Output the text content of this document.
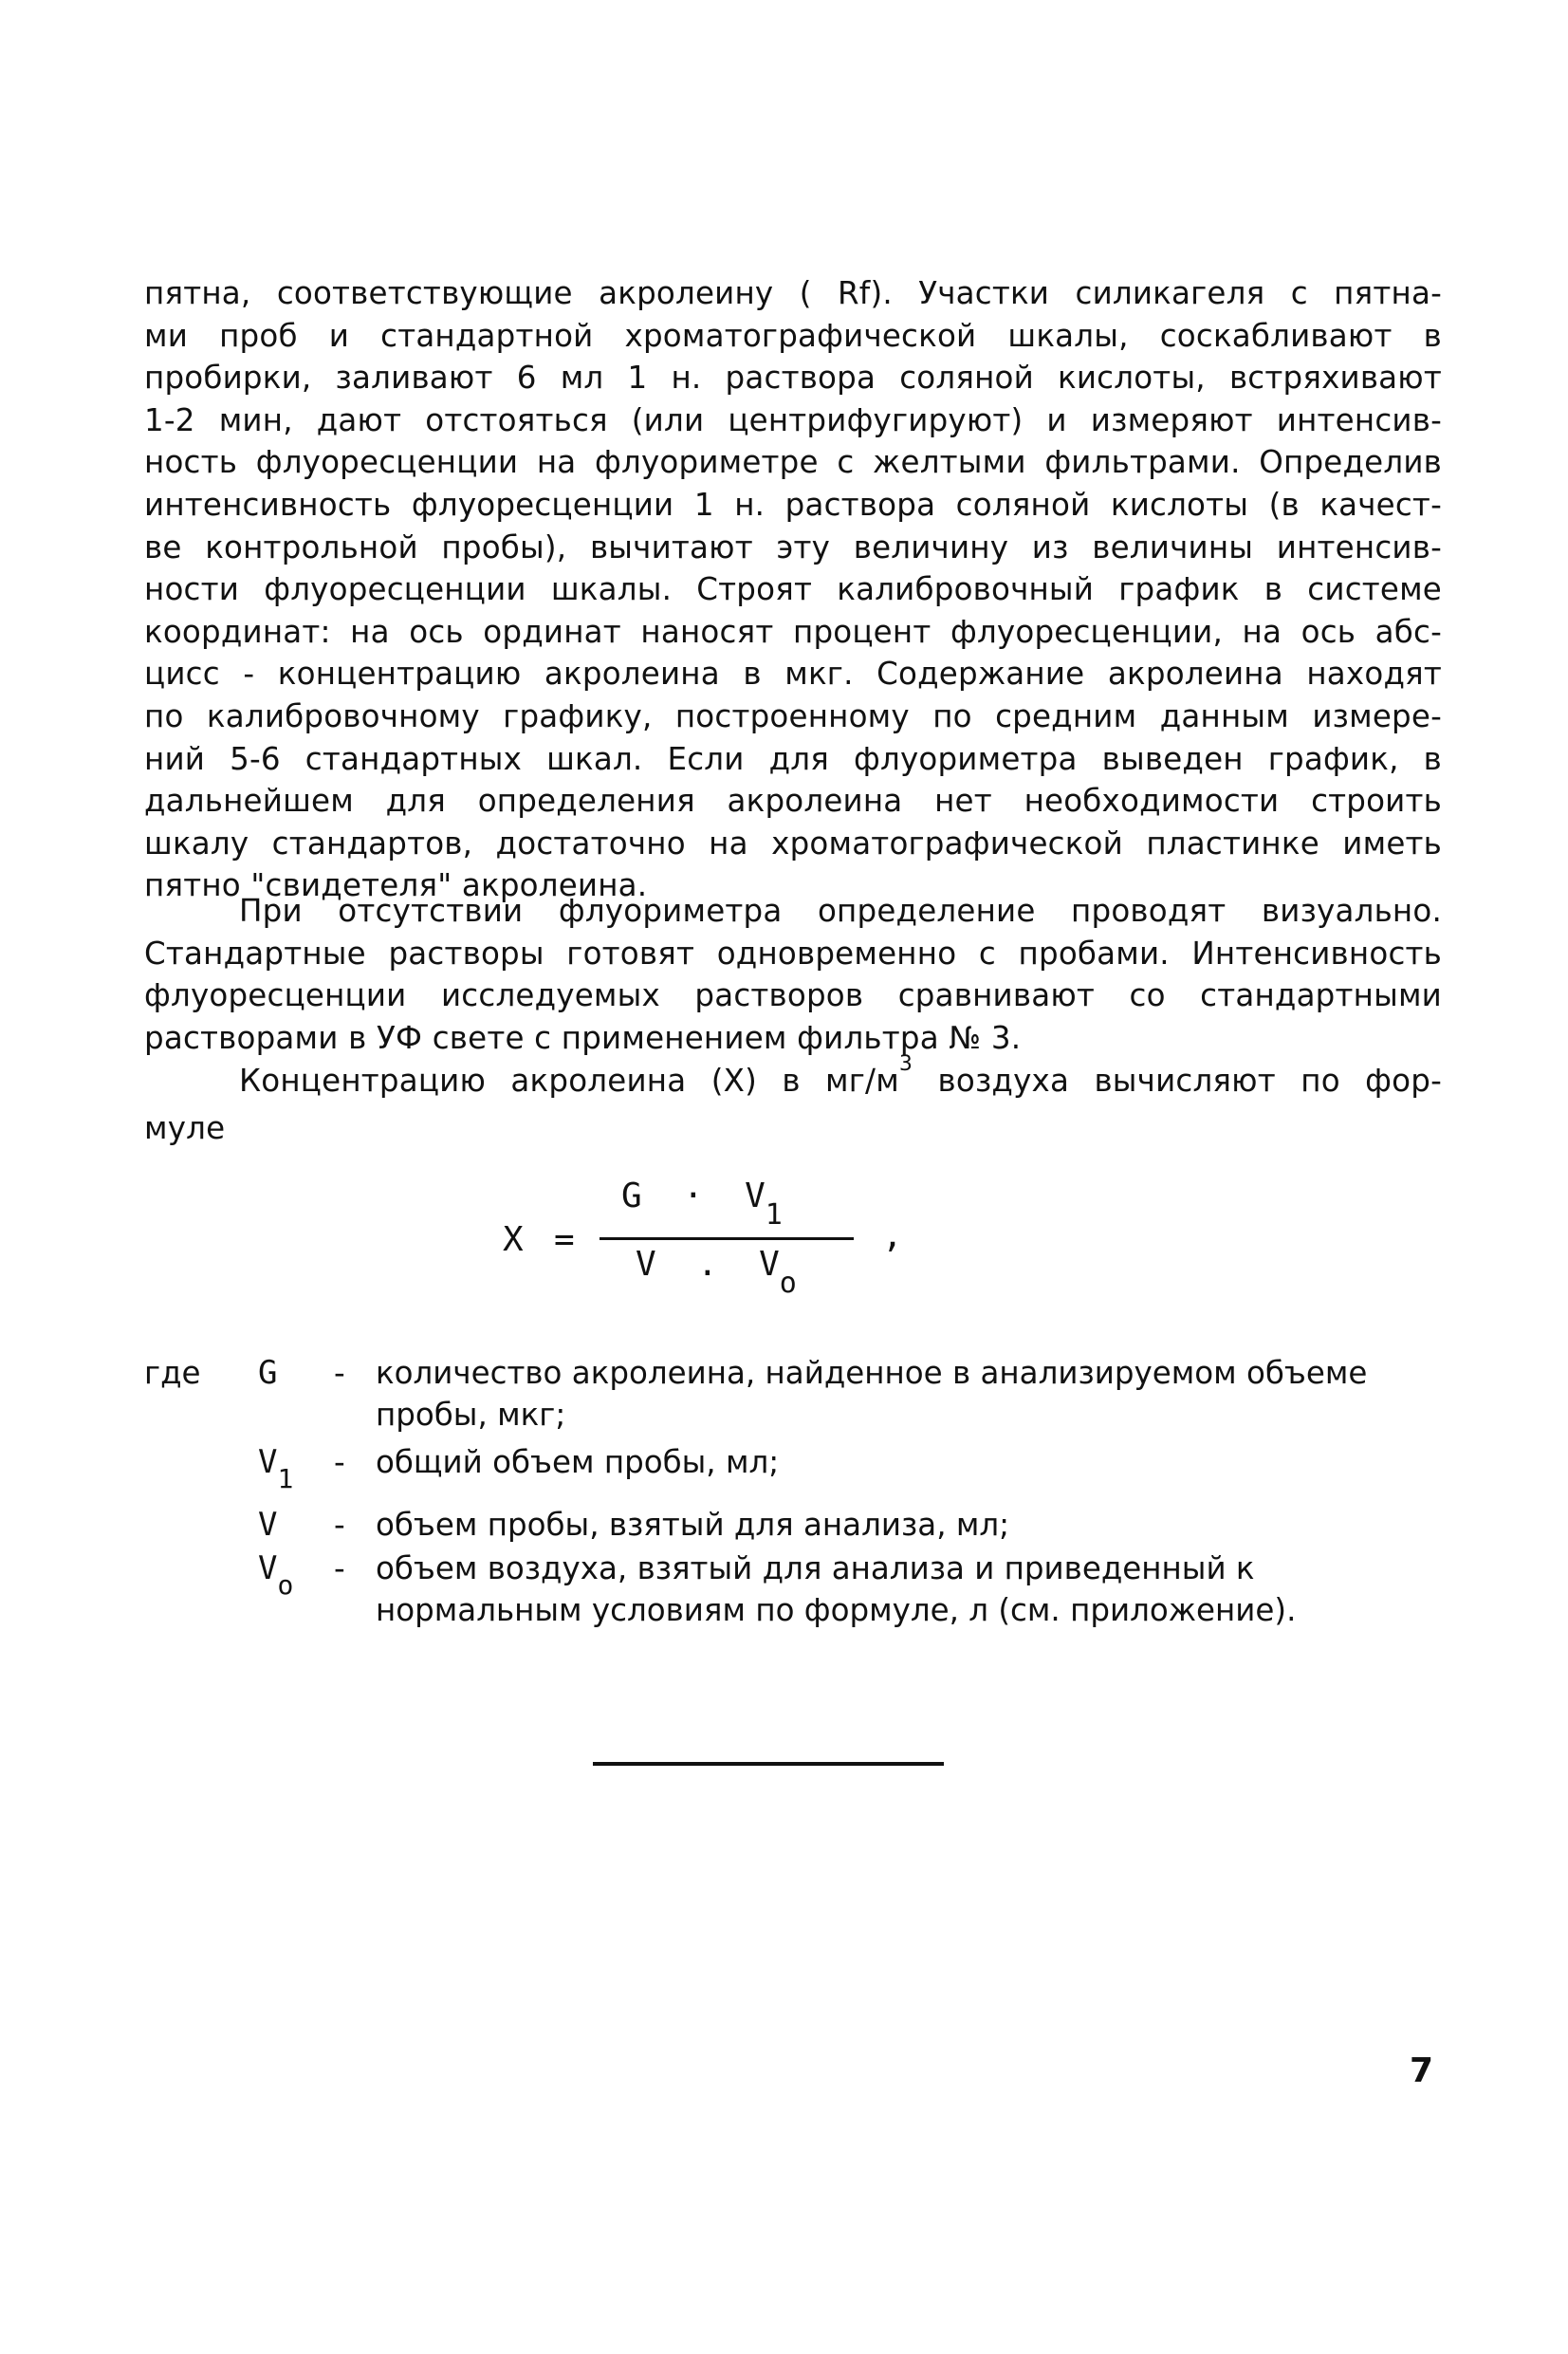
пятна, соответствующие акролеину ( Rf). Участки силикагеля с пятна-
ми проб и стандартной хроматографической шкалы, соскабливают в
пробирки, заливают 6 мл 1 н. раствора соляной кислоты, встряхивают
1-2 мин, дают отстояться (или центрифугируют) и измеряют интенсив-
ность флуоресценции на флуориметре с желтыми фильтрами. Определив
интенсивность флуоресценции 1 н. раствора соляной кислоты (в качест-
ве контрольной пробы), вычитают эту величину из величины интенсив-
ности флуоресценции шкалы. Строят калибровочный график в системе
координат: на ось ординат наносят процент флуоресценции, на ось абс-
цисс - концентрацию акролеина в мкг. Содержание акролеина находят
по калибровочному графику, построенному по средним данным измере-
ний 5-6 стандартных шкал. Если для флуориметра выведен график, в
дальнейшем для определения акролеина нет необходимости строить
шкалу стандартов, достаточно на хроматографической пластинке иметь
пятно "свидетеля" акролеина.
При отсутствии флуориметра определение проводят визуально.
Стандартные растворы готовят одновременно с пробами. Интенсивность
флуоресценции исследуемых растворов сравнивают со стандартными
растворами в УФ свете с применением фильтра № 3.
Концентрацию акролеина (X) в $мг/м^3$ воздуха вычисляют по фор-
муле
X =
$G \cdot V_1$
V . $V_o$
,
где G - количество акролеина, найденное в анализируемом объеме
пробы, мкг;
$V_1$ - общий объем пробы, мл;
V - объем пробы, взятый для анализа, мл;
$V_o$ - объем воздуха, взятый для анализа и приведенный к
нормальным условиям по формуле, л (см. приложение).
7
